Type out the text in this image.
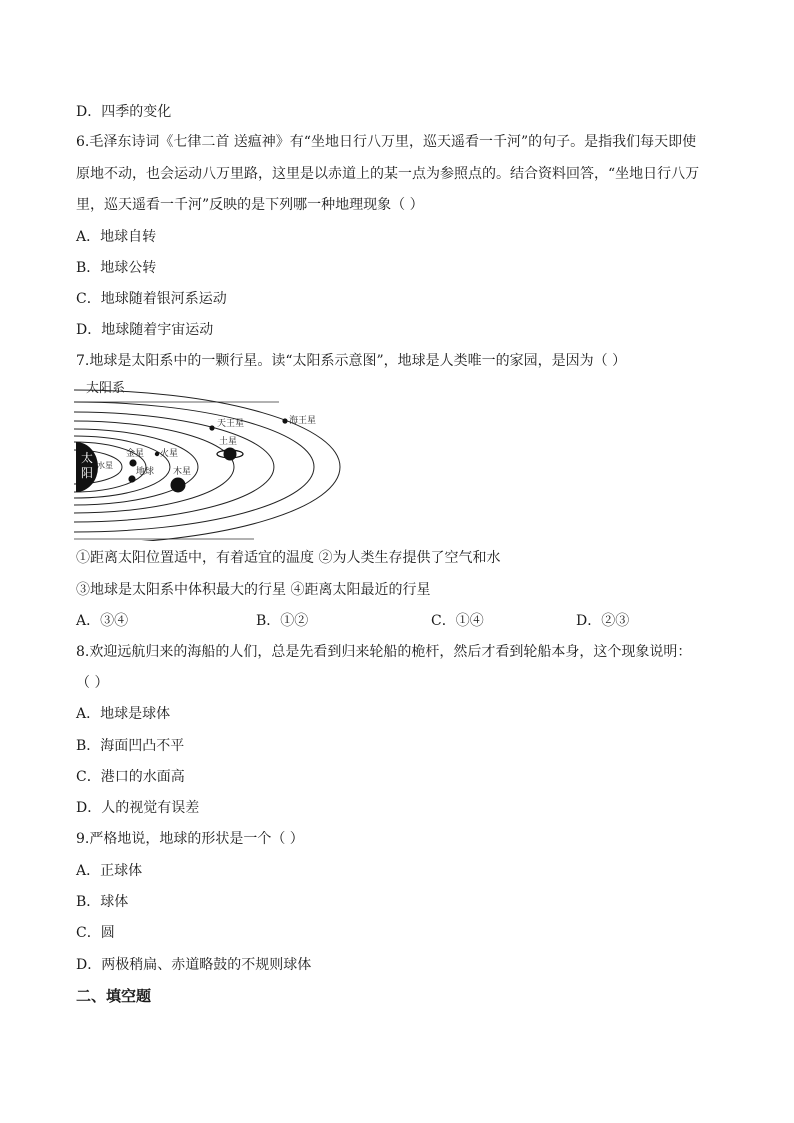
D．四季的变化
6.毛泽东诗词《七律二首 送瘟神》有“坐地日行八万里，巡天遥看一千河”的句子。是指我们每天即使
原地不动，也会运动八万里路，这里是以赤道上的某一点为参照点的。结合资料回答，“坐地日行八万
里，巡天遥看一千河”反映的是下列哪一种地理现象（ ）
A．地球自转
B．地球公转
C．地球随着银河系运动
D．地球随着宇宙运动
7.地球是太阳系中的一颗行星。读“太阳系示意图”，地球是人类唯一的家园，是因为（ ）
太阳系
太
阳
水星
金星
地球
火星
木星
土星
天王星	海王星
①距离太阳位置适中，有着适宜的温度 ②为人类生存提供了空气和水
③地球是太阳系中体积最大的行星 ④距离太阳最近的行星
A．③④	B．①②	C．①④	D．②③
8.欢迎远航归来的海船的人们，总是先看到归来轮船的桅杆，然后才看到轮船本身，这个现象说明：
（ ）
A．地球是球体
B．海面凹凸不平
C．港口的水面高
D．人的视觉有误差
9.严格地说，地球的形状是一个（ ）
A．正球体
B．球体
C．圆
D．两极稍扁、赤道略鼓的不规则球体
二、填空题
